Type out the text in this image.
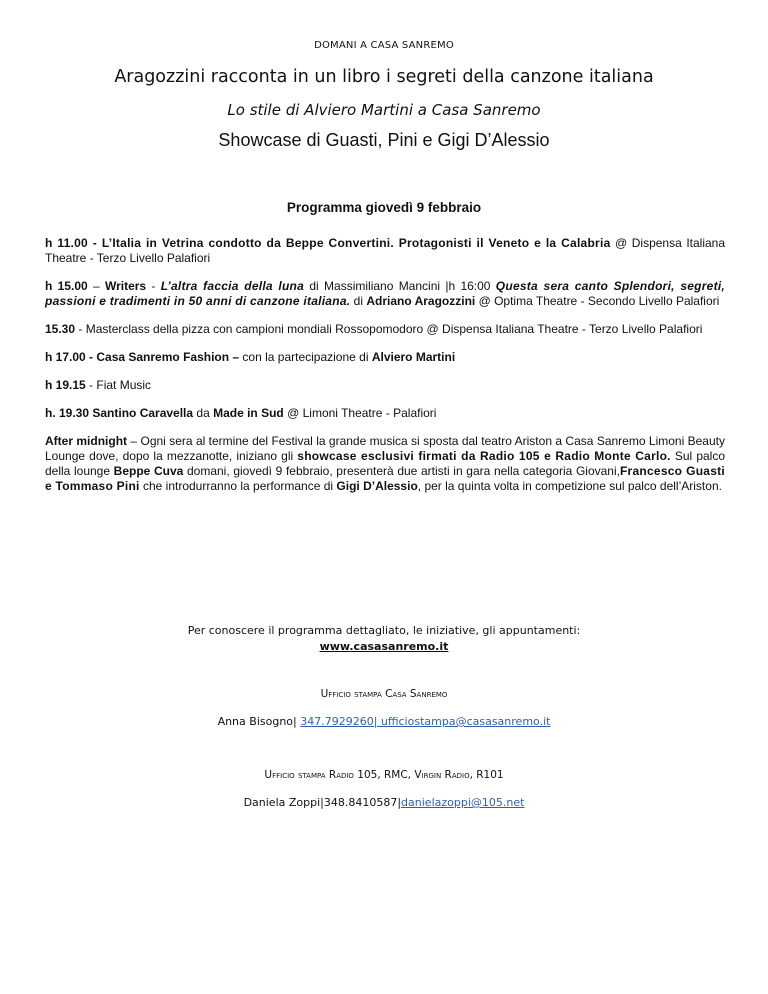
DOMANI A CASA SANREMO
Aragozzini racconta in un libro i segreti della canzone italiana
Lo stile di Alviero Martini a Casa Sanremo
Showcase di Guasti, Pini e Gigi D’Alessio
Programma giovedì 9 febbraio

h 11.00 - L’Italia in Vetrina condotto da Beppe Convertini. Protagonisti il Veneto e la Calabria @ Dispensa Italiana Theatre - Terzo Livello Palafiori

h 15.00 – Writers - L’altra faccia della luna di Massimiliano Mancini |h 16:00 Questa sera canto Splendori, segreti, passioni e tradimenti in 50 anni di canzone italiana. di Adriano Aragozzini @ Optima Theatre - Secondo Livello Palafiori

15.30 - Masterclass della pizza con campioni mondiali Rossopomodoro @ Dispensa Italiana Theatre - Terzo Livello Palafiori

h 17.00 - Casa Sanremo Fashion – con la partecipazione di Alviero Martini

h 19.15 - Fiat Music

h. 19.30 Santino Caravella da Made in Sud @ Limoni Theatre - Palafiori

After midnight – Ogni sera al termine del Festival la grande musica si sposta dal teatro Ariston a Casa Sanremo Limoni Beauty Lounge dove, dopo la mezzanotte, iniziano gli showcase esclusivi firmati da Radio 105 e Radio Monte Carlo. Sul palco della lounge Beppe Cuva domani, giovedì 9 febbraio, presenterà due artisti in gara nella categoria Giovani,Francesco Guasti e Tommaso Pini che introdurranno la performance di Gigi D’Alessio, per la quinta volta in competizione sul palco dell’Ariston.

Per conoscere il programma dettagliato, le iniziative, gli appuntamenti:
www.casasanremo.it
Ufficio stampa Casa Sanremo
Anna Bisogno| 347.7929260| ufficiostampa@casasanremo.it
Ufficio stampa Radio 105, RMC, Virgin Radio, R101
Daniela Zoppi|348.8410587|danielazoppi@105.net
